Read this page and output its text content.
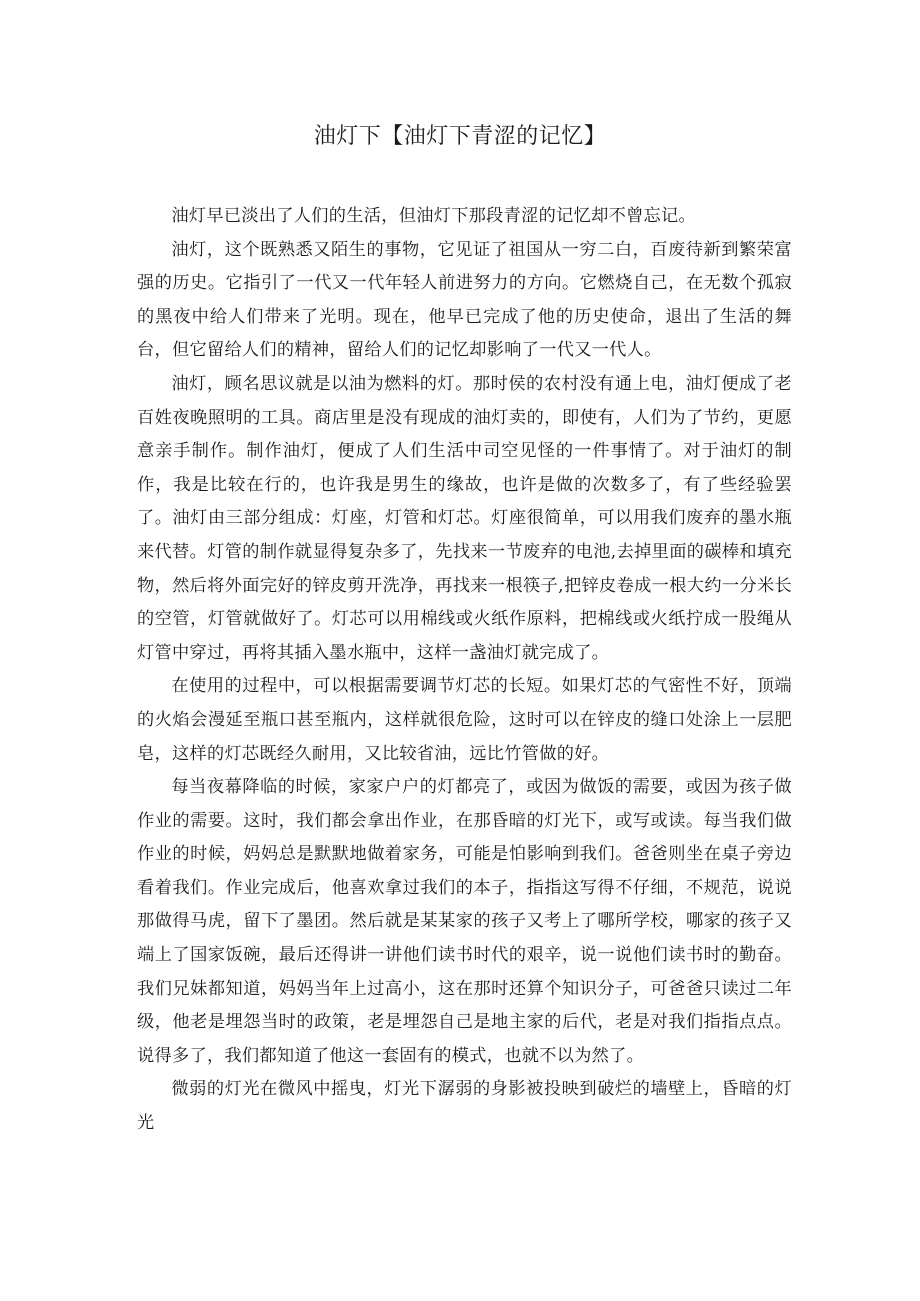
油灯下【油灯下青涩的记忆】

油灯早已淡出了人们的生活，但油灯下那段青涩的记忆却不曾忘记。

油灯，这个既熟悉又陌生的事物，它见证了祖国从一穷二白，百废待新到繁荣富强的历史。它指引了一代又一代年轻人前进努力的方向。它燃烧自己，在无数个孤寂的黑夜中给人们带来了光明。现在，他早已完成了他的历史使命，退出了生活的舞台，但它留给人们的精神，留给人们的记忆却影响了一代又一代人。

油灯，顾名思议就是以油为燃料的灯。那时侯的农村没有通上电，油灯便成了老百姓夜晚照明的工具。商店里是没有现成的油灯卖的，即使有，人们为了节约，更愿意亲手制作。制作油灯，便成了人们生活中司空见怪的一件事情了。对于油灯的制作，我是比较在行的，也许我是男生的缘故，也许是做的次数多了，有了些经验罢了。油灯由三部分组成：灯座，灯管和灯芯。灯座很简单，可以用我们废弃的墨水瓶来代替。灯管的制作就显得复杂多了，先找来一节废弃的电池,去掉里面的碳棒和填充物，然后将外面完好的锌皮剪开洗净，再找来一根筷子,把锌皮卷成一根大约一分米长的空管，灯管就做好了。灯芯可以用棉线或火纸作原料，把棉线或火纸拧成一股绳从灯管中穿过，再将其插入墨水瓶中，这样一盏油灯就完成了。

在使用的过程中，可以根据需要调节灯芯的长短。如果灯芯的气密性不好，顶端的火焰会漫延至瓶口甚至瓶内，这样就很危险，这时可以在锌皮的缝口处涂上一层肥皂，这样的灯芯既经久耐用，又比较省油，远比竹管做的好。

每当夜幕降临的时候，家家户户的灯都亮了，或因为做饭的需要，或因为孩子做作业的需要。这时，我们都会拿出作业，在那昏暗的灯光下，或写或读。每当我们做作业的时候，妈妈总是默默地做着家务，可能是怕影响到我们。爸爸则坐在桌子旁边看着我们。作业完成后，他喜欢拿过我们的本子，指指这写得不仔细，不规范，说说那做得马虎，留下了墨团。然后就是某某家的孩子又考上了哪所学校，哪家的孩子又端上了国家饭碗，最后还得讲一讲他们读书时代的艰辛，说一说他们读书时的勤奋。我们兄妹都知道，妈妈当年上过高小，这在那时还算个知识分子，可爸爸只读过二年级，他老是埋怨当时的政策，老是埋怨自己是地主家的后代，老是对我们指指点点。说得多了，我们都知道了他这一套固有的模式，也就不以为然了。

微弱的灯光在微风中摇曳，灯光下潺弱的身影被投映到破烂的墙壁上，昏暗的灯光
